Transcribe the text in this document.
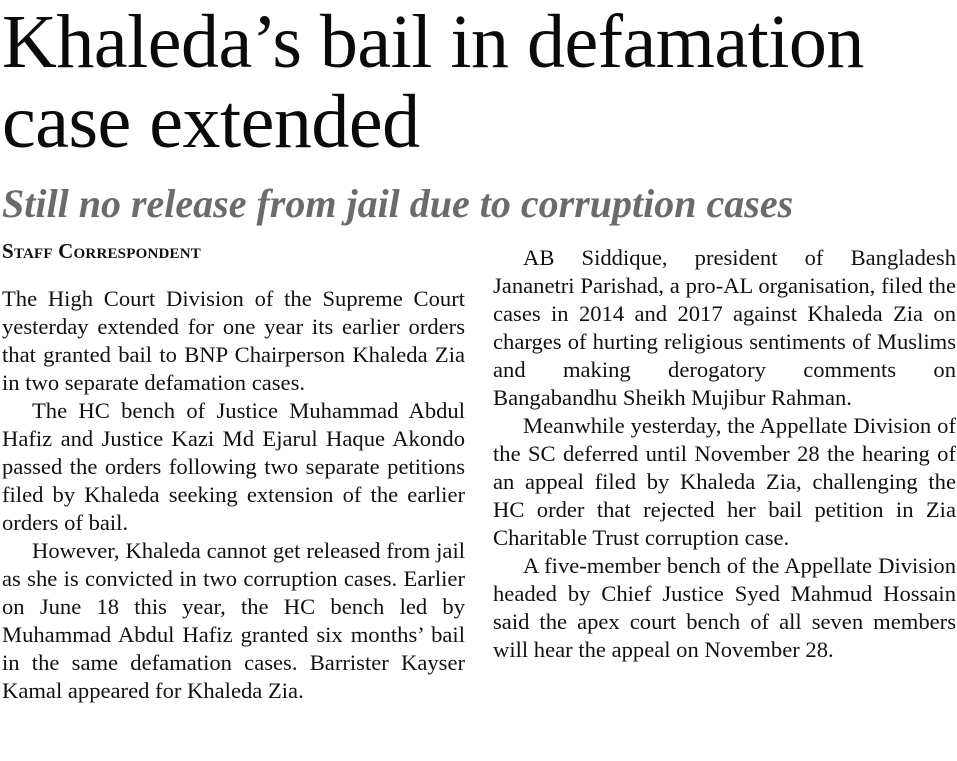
Khaleda’s bail in defamation case extended
Still no release from jail due to corruption cases
Staff Correspondent

The High Court Division of the Supreme Court yesterday extended for one year its earlier orders that granted bail to BNP Chairperson Khaleda Zia in two separate defamation cases.

The HC bench of Justice Muhammad Abdul Hafiz and Justice Kazi Md Ejarul Haque Akondo passed the orders following two separate petitions filed by Khaleda seeking extension of the earlier orders of bail.

However, Khaleda cannot get released from jail as she is convicted in two corruption cases. Earlier on June 18 this year, the HC bench led by Muhammad Abdul Hafiz granted six months’ bail in the same defamation cases. Barrister Kayser Kamal appeared for Khaleda Zia.

AB Siddique, president of Bangladesh Jananetri Parishad, a pro-AL organisation, filed the cases in 2014 and 2017 against Khaleda Zia on charges of hurting religious sentiments of Muslims and making derogatory comments on Bangabandhu Sheikh Mujibur Rahman.

Meanwhile yesterday, the Appellate Division of the SC deferred until November 28 the hearing of an appeal filed by Khaleda Zia, challenging the HC order that rejected her bail petition in Zia Charitable Trust corruption case.

A five-member bench of the Appellate Division headed by Chief Justice Syed Mahmud Hossain said the apex court bench of all seven members will hear the appeal on November 28.
